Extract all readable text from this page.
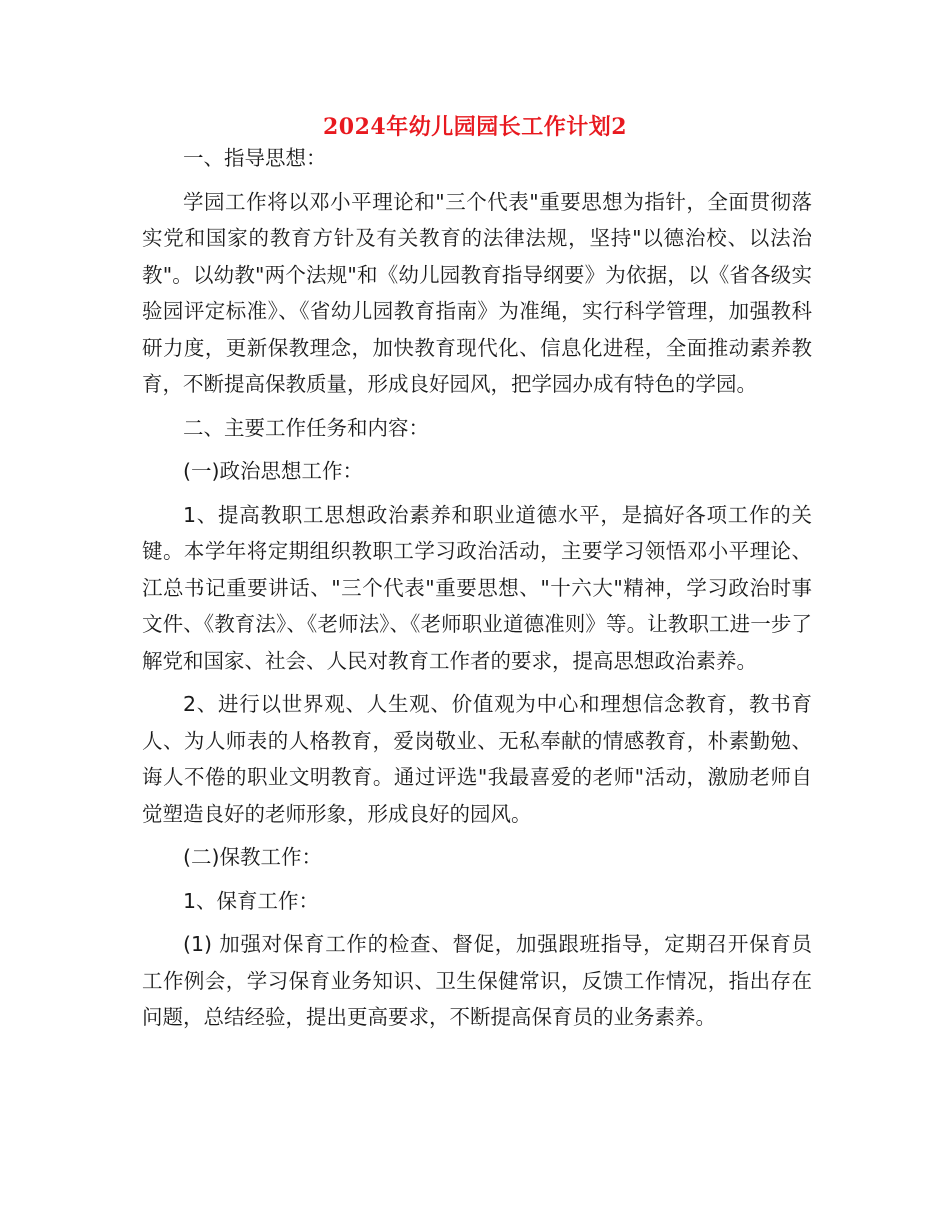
2024年幼儿园园长工作计划2

一、指导思想：

学园工作将以邓小平理论和"三个代表"重要思想为指针，全面贯彻落实党和国家的教育方针及有关教育的法律法规，坚持"以德治校、以法治教"。以幼教"两个法规"和《幼儿园教育指导纲要》为依据，以《省各级实验园评定标准》、《省幼儿园教育指南》为准绳，实行科学管理，加强教科研力度，更新保教理念，加快教育现代化、信息化进程，全面推动素养教育，不断提高保教质量，形成良好园风，把学园办成有特色的学园。

二、主要工作任务和内容：

(一)政治思想工作：

1、提高教职工思想政治素养和职业道德水平，是搞好各项工作的关键。本学年将定期组织教职工学习政治活动，主要学习领悟邓小平理论、江总书记重要讲话、"三个代表"重要思想、"十六大"精神，学习政治时事文件、《教育法》、《老师法》、《老师职业道德准则》等。让教职工进一步了解党和国家、社会、人民对教育工作者的要求，提高思想政治素养。

2、进行以世界观、人生观、价值观为中心和理想信念教育，教书育人、为人师表的人格教育，爱岗敬业、无私奉献的情感教育，朴素勤勉、诲人不倦的职业文明教育。通过评选"我最喜爱的老师"活动，激励老师自觉塑造良好的老师形象，形成良好的园风。

(二)保教工作：

1、保育工作：

(1) 加强对保育工作的检查、督促，加强跟班指导，定期召开保育员工作例会，学习保育业务知识、卫生保健常识，反馈工作情况，指出存在问题，总结经验，提出更高要求，不断提高保育员的业务素养。
